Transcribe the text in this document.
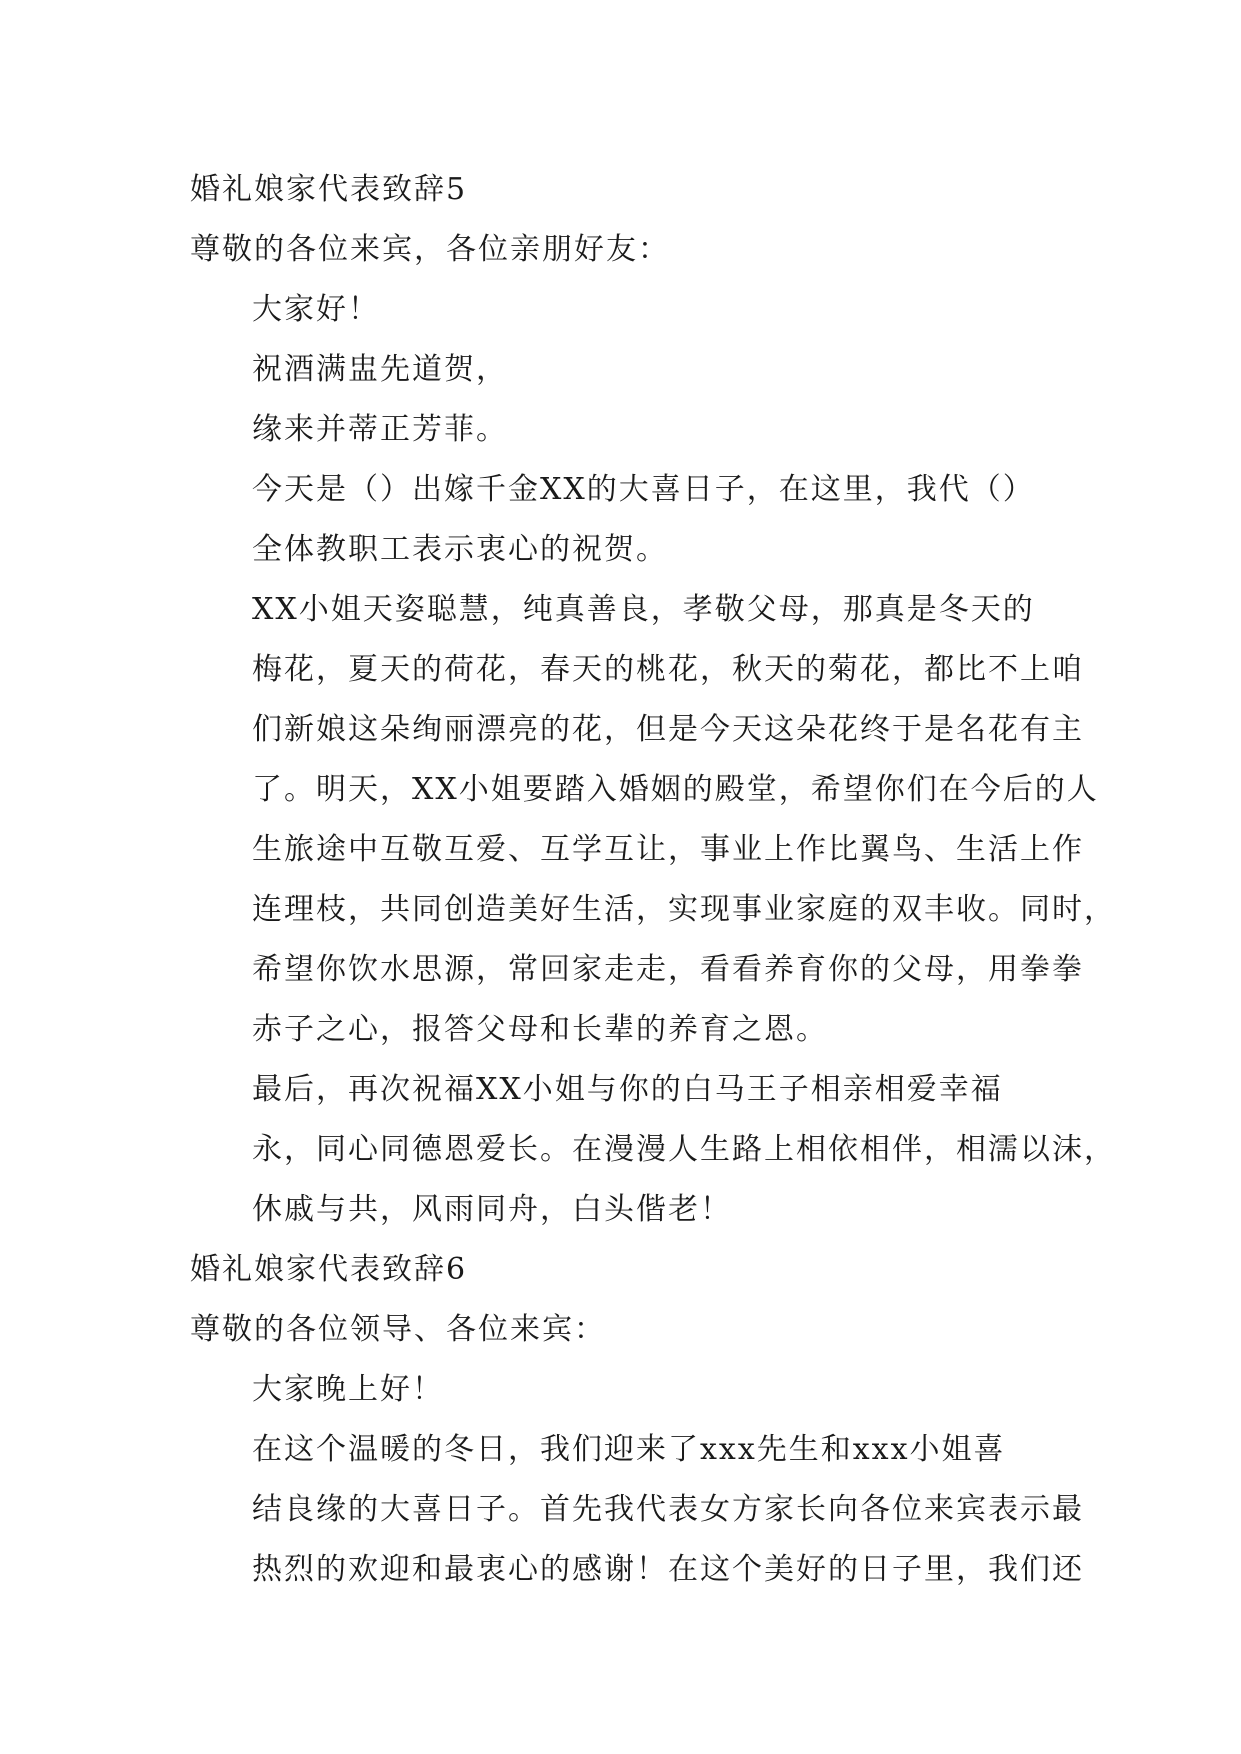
婚礼娘家代表致辞5
尊敬的各位来宾，各位亲朋好友：
大家好！
祝酒满盅先道贺，
缘来并蒂正芳菲。
今天是（）出嫁千金XX的大喜日子，在这里，我代（）
全体教职工表示衷心的祝贺。
XX小姐天姿聪慧，纯真善良，孝敬父母，那真是冬天的
梅花，夏天的荷花，春天的桃花，秋天的菊花，都比不上咱
们新娘这朵绚丽漂亮的花，但是今天这朵花终于是名花有主
了。明天，XX小姐要踏入婚姻的殿堂，希望你们在今后的人
生旅途中互敬互爱、互学互让，事业上作比翼鸟、生活上作
连理枝，共同创造美好生活，实现事业家庭的双丰收。同时，
希望你饮水思源，常回家走走，看看养育你的父母，用拳拳
赤子之心，报答父母和长辈的养育之恩。
最后，再次祝福XX小姐与你的白马王子相亲相爱幸福
永，同心同德恩爱长。在漫漫人生路上相依相伴，相濡以沫，
休戚与共，风雨同舟，白头偕老！
婚礼娘家代表致辞6
尊敬的各位领导、各位来宾：
大家晚上好！
在这个温暖的冬日，我们迎来了xxx先生和xxx小姐喜
结良缘的大喜日子。首先我代表女方家长向各位来宾表示最
热烈的欢迎和最衷心的感谢！在这个美好的日子里，我们还
